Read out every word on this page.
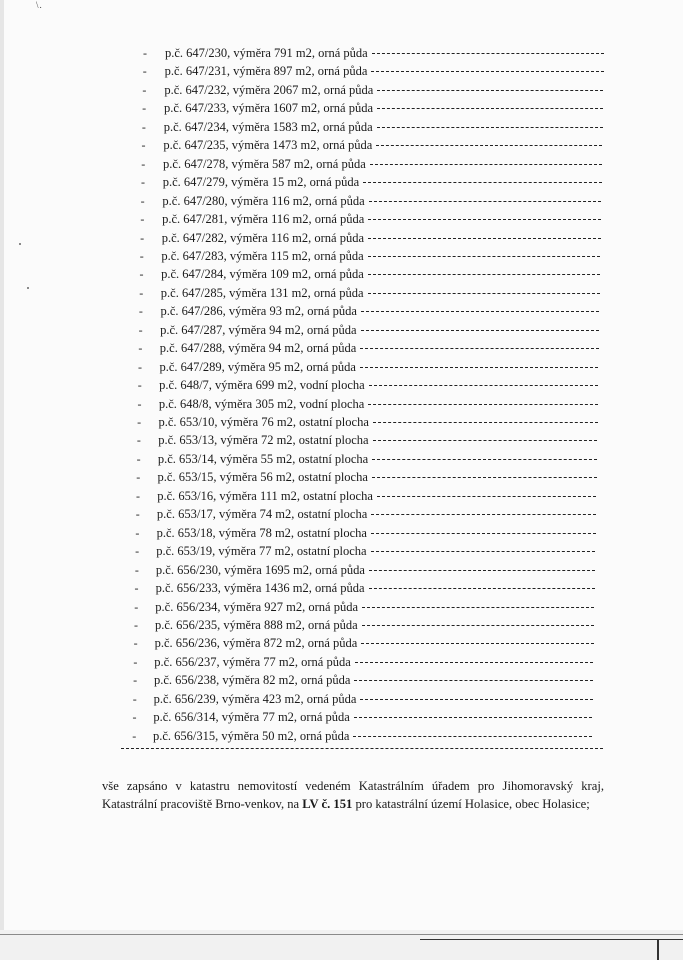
\.
- p.č. 647/230, výměra 791 m2, orná půda
- p.č. 647/231, výměra 897 m2, orná půda
- p.č. 647/232, výměra 2067 m2, orná půda
- p.č. 647/233, výměra 1607 m2, orná půda
- p.č. 647/234, výměra 1583 m2, orná půda
- p.č. 647/235, výměra 1473 m2, orná půda
- p.č. 647/278, výměra 587 m2, orná půda
- p.č. 647/279, výměra 15 m2, orná půda
- p.č. 647/280, výměra 116 m2, orná půda
- p.č. 647/281, výměra 116 m2, orná půda
- p.č. 647/282, výměra 116 m2, orná půda
- p.č. 647/283, výměra 115 m2, orná půda
- p.č. 647/284, výměra 109 m2, orná půda
- p.č. 647/285, výměra 131 m2, orná půda
- p.č. 647/286, výměra 93 m2, orná půda
- p.č. 647/287, výměra 94 m2, orná půda
- p.č. 647/288, výměra 94 m2, orná půda
- p.č. 647/289, výměra 95 m2, orná půda
- p.č. 648/7, výměra 699 m2, vodní plocha
- p.č. 648/8, výměra 305 m2, vodní plocha
- p.č. 653/10, výměra 76 m2, ostatní plocha
- p.č. 653/13, výměra 72 m2, ostatní plocha
- p.č. 653/14, výměra 55 m2, ostatní plocha
- p.č. 653/15, výměra 56 m2, ostatní plocha
- p.č. 653/16, výměra 111 m2, ostatní plocha
- p.č. 653/17, výměra 74 m2, ostatní plocha
- p.č. 653/18, výměra 78 m2, ostatní plocha
- p.č. 653/19, výměra 77 m2, ostatní plocha
- p.č. 656/230, výměra 1695 m2, orná půda
- p.č. 656/233, výměra 1436 m2, orná půda
- p.č. 656/234, výměra 927 m2, orná půda
- p.č. 656/235, výměra 888 m2, orná půda
- p.č. 656/236, výměra 872 m2, orná půda
- p.č. 656/237, výměra 77 m2, orná půda
- p.č. 656/238, výměra 82 m2, orná půda
- p.č. 656/239, výměra 423 m2, orná půda
- p.č. 656/314, výměra 77 m2, orná půda
- p.č. 656/315, výměra 50 m2, orná půda

vše zapsáno v katastru nemovitostí vedeném Katastrálním úřadem pro Jihomoravský kraj, Katastrální pracoviště Brno-venkov, na LV č. 151 pro katastrální území Holasice, obec Holasice;
